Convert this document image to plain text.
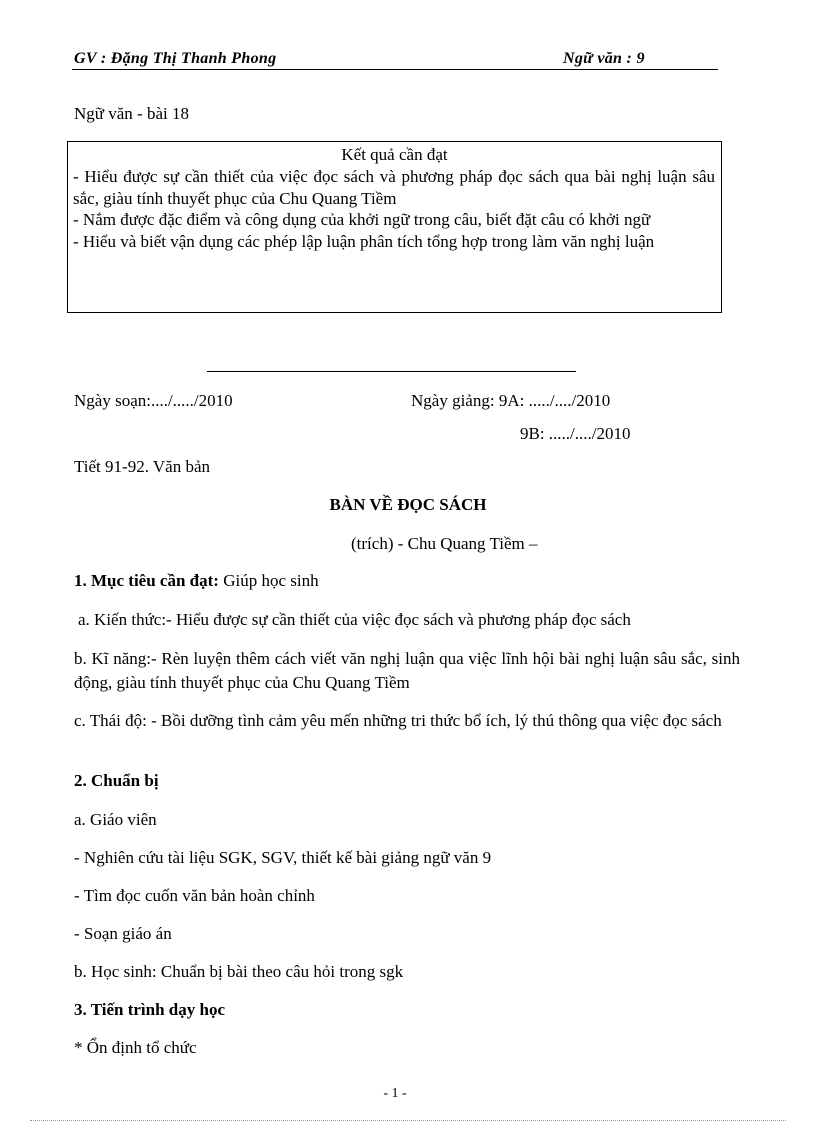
GV : Đặng Thị Thanh Phong	Ngữ văn : 9
Ngữ văn - bài 18
Kết quả cần đạt
- Hiểu được sự cần thiết của việc đọc sách và phương pháp đọc sách qua bài nghị luận sâu sắc, giàu tính thuyết phục của Chu Quang Tiềm
- Nắm được đặc điểm và công dụng của khởi ngữ trong câu, biết đặt câu có khởi ngữ
- Hiểu và biết vận dụng các phép lập luận phân tích tổng hợp trong làm văn nghị luận
Ngày soạn:..../...../2010	Ngày giảng: 9A: ...../..../2010
9B: ...../..../2010
Tiết 91-92. Văn bản
BÀN VỀ ĐỌC SÁCH
(trích) - Chu Quang Tiềm –
1. Mục tiêu cần đạt: Giúp học sinh
a. Kiến thức:- Hiểu được sự cần thiết của việc đọc sách và phương pháp đọc sách
b. Kĩ năng:- Rèn luyện thêm cách viết văn nghị luận qua việc lĩnh hội bài nghị luận sâu sắc, sinh động, giàu tính thuyết phục của Chu Quang Tiềm
c. Thái độ: - Bồi dưỡng tình cảm yêu mến những tri thức bổ ích, lý thú thông qua việc đọc sách
2. Chuẩn bị
a. Giáo viên
- Nghiên cứu tài liệu SGK, SGV, thiết kế bài giảng ngữ văn 9
- Tìm đọc cuốn văn bản hoàn chỉnh
- Soạn giáo án
b. Học sinh: Chuẩn bị bài theo câu hỏi trong sgk
3. Tiến trình dạy học
* Ổn định tổ chức
- 1 -
